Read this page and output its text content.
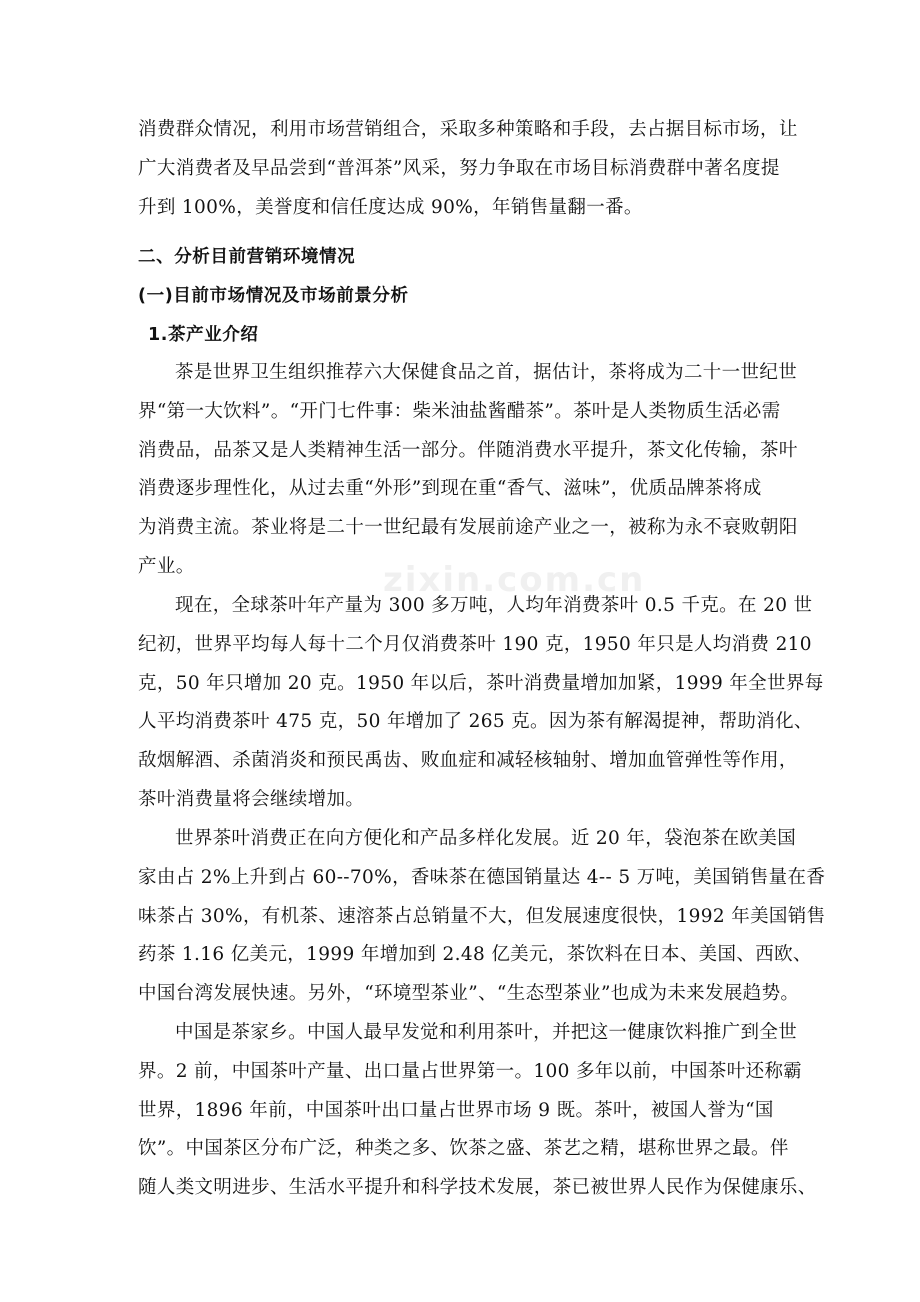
zixin.com.cn
消费群众情况，利用市场营销组合，采取多种策略和手段，去占据目标市场，让
广大消费者及早品尝到“普洱茶”风采，努力争取在市场目标消费群中著名度提
升到 100%，美誉度和信任度达成 90%，年销售量翻一番。
二、分析目前营销环境情况
(一)目前市场情况及市场前景分析
1.茶产业介绍
茶是世界卫生组织推荐六大保健食品之首，据估计，茶将成为二十一世纪世
界“第一大饮料”。“开门七件事：柴米油盐酱醋茶”。茶叶是人类物质生活必需
消费品，品茶又是人类精神生活一部分。伴随消费水平提升，茶文化传输，茶叶
消费逐步理性化，从过去重“外形”到现在重“香气、滋味”，优质品牌茶将成
为消费主流。茶业将是二十一世纪最有发展前途产业之一，被称为永不衰败朝阳
产业。
现在，全球茶叶年产量为 300 多万吨，人均年消费茶叶 0.5 千克。在 20 世
纪初，世界平均每人每十二个月仅消费茶叶 190 克，1950 年只是人均消费 210
克，50 年只增加 20 克。1950 年以后，茶叶消费量增加加紧，1999 年全世界每
人平均消费茶叶 475 克，50 年增加了 265 克。因为茶有解渴提神，帮助消化、
敌烟解酒、杀菌消炎和预民禹齿、败血症和减轻核轴射、增加血管弹性等作用，
茶叶消费量将会继续增加。
世界茶叶消费正在向方便化和产品多样化发展。近 20 年，袋泡茶在欧美国
家由占 2%上升到占 60--70%，香味茶在德国销量达 4-- 5 万吨，美国销售量在香
味茶占 30%，有机茶、速溶茶占总销量不大，但发展速度很快，1992 年美国销售
药茶 1.16 亿美元，1999 年增加到 2.48 亿美元，茶饮料在日本、美国、西欧、
中国台湾发展快速。另外，“环境型茶业”、“生态型茶业”也成为未来发展趋势。
中国是茶家乡。中国人最早发觉和利用茶叶，并把这一健康饮料推广到全世
界。2 前，中国茶叶产量、出口量占世界第一。100 多年以前，中国茶叶还称霸
世界，1896 年前，中国茶叶出口量占世界市场 9 既。茶叶，被国人誉为“国
饮”。中国茶区分布广泛，种类之多、饮茶之盛、茶艺之精，堪称世界之最。伴
随人类文明进步、生活水平提升和科学技术发展，茶已被世界人民作为保健康乐、
